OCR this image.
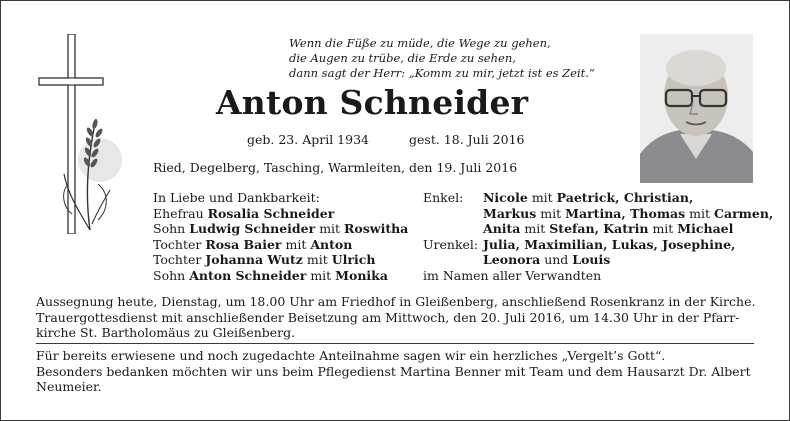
Wenn die Füße zu müde, die Wege zu gehen,
die Augen zu trübe, die Erde zu sehen,
dann sagt der Herr: „Komm zu mir, jetzt ist es Zeit.“
Anton Schneider
geb. 23. April 1934	gest. 18. Juli 2016
Ried, Degelberg, Tasching, Warmleiten, den 19. Juli 2016
In Liebe und Dankbarkeit:
Ehefrau Rosalia Schneider
Sohn Ludwig Schneider mit Roswitha
Tochter Rosa Baier mit Anton
Tochter Johanna Wutz mit Ulrich
Sohn Anton Schneider mit Monika
Enkel:	Nicole mit Paetrick, Christian,
Markus mit Martina, Thomas mit Carmen,
Anita mit Stefan, Katrin mit Michael
Urenkel: Julia, Maximilian, Lukas, Josephine,
Leonora und Louis
im Namen aller Verwandten
Aussegnung heute, Dienstag, um 18.00 Uhr am Friedhof in Gleißenberg, anschließend Rosenkranz in der Kirche.
Trauergottesdienst mit anschließender Beisetzung am Mittwoch, den 20. Juli 2016, um 14.30 Uhr in der Pfarr-
kirche St. Bartholomäus zu Gleißenberg.
Für bereits erwiesene und noch zugedachte Anteilnahme sagen wir ein herzliches „Vergelt’s Gott“.
Besonders bedanken möchten wir uns beim Pflegedienst Martina Benner mit Team und dem Hausarzt Dr. Albert
Neumeier.
